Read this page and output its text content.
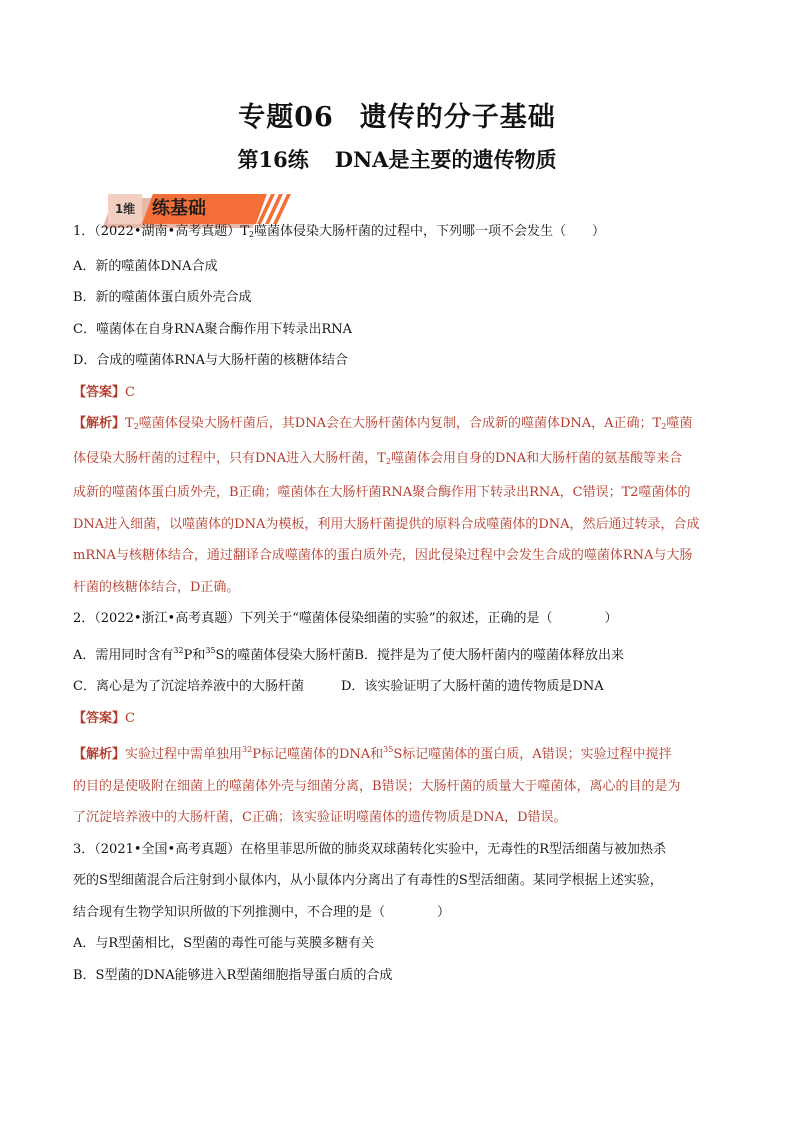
专题06 遗传的分子基础
第16练 DNA是主要的遗传物质
1维 练基础
1．（2022•湖南•高考真题）$T_2$噬菌体侵染大肠杆菌的过程中，下列哪一项不会发生（　　）
A．新的噬菌体DNA合成
B．新的噬菌体蛋白质外壳合成
C．噬菌体在自身RNA聚合酶作用下转录出RNA
D．合成的噬菌体RNA与大肠杆菌的核糖体结合
【答案】C
【解析】$T_2$噬菌体侵染大肠杆菌后，其DNA会在大肠杆菌体内复制，合成新的噬菌体DNA，A正确；$T_2$噬菌
体侵染大肠杆菌的过程中，只有DNA进入大肠杆菌，$T_2$噬菌体会用自身的DNA和大肠杆菌的氨基酸等来合
成新的噬菌体蛋白质外壳，B正确；噬菌体在大肠杆菌RNA聚合酶作用下转录出RNA，C错误；T2噬菌体的
DNA进入细菌，以噬菌体的DNA为模板，利用大肠杆菌提供的原料合成噬菌体的DNA，然后通过转录，合成
mRNA与核糖体结合，通过翻译合成噬菌体的蛋白质外壳，因此侵染过程中会发生合成的噬菌体RNA与大肠
杆菌的核糖体结合，D正确。
2．（2022•浙江•高考真题）下列关于“噬菌体侵染细菌的实验”的叙述，正确的是（　　　　）
A．需用同时含有$^{32}$P和$^{35}$S的噬菌体侵染大肠杆菌B．搅拌是为了使大肠杆菌内的噬菌体释放出来
C．离心是为了沉淀培养液中的大肠杆菌	D．该实验证明了大肠杆菌的遗传物质是DNA
【答案】C
【解析】实验过程中需单独用$^{32}$P标记噬菌体的DNA和$^{35}$S标记噬菌体的蛋白质，A错误；实验过程中搅拌
的目的是使吸附在细菌上的噬菌体外壳与细菌分离，B错误；大肠杆菌的质量大于噬菌体，离心的目的是为
了沉淀培养液中的大肠杆菌，C正确；该实验证明噬菌体的遗传物质是DNA，D错误。
3．（2021•全国•高考真题）在格里菲思所做的肺炎双球菌转化实验中，无毒性的R型活细菌与被加热杀
死的S型细菌混合后注射到小鼠体内，从小鼠体内分离出了有毒性的S型活细菌。某同学根据上述实验，
结合现有生物学知识所做的下列推测中，不合理的是（　　　　）
A．与R型菌相比，S型菌的毒性可能与荚膜多糖有关
B．S型菌的DNA能够进入R型菌细胞指导蛋白质的合成
